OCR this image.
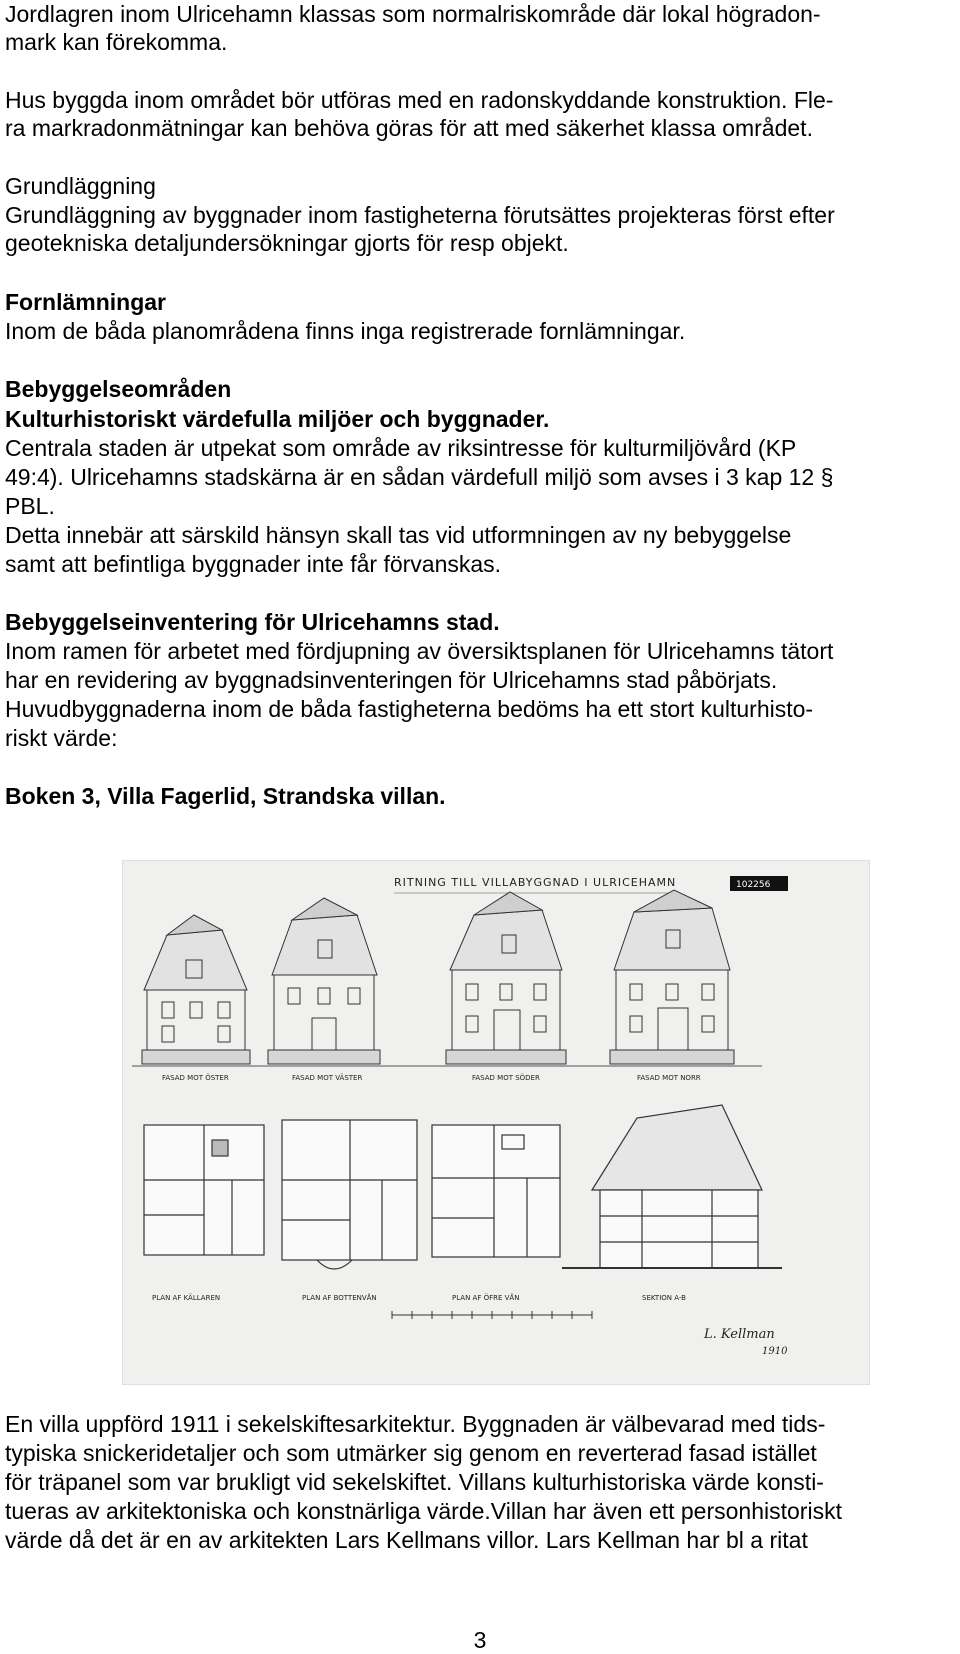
Jordlagren inom Ulricehamn klassas som normalriskområde där lokal högradon-
mark kan förekomma.
Hus byggda inom området bör utföras med en radonskyddande konstruktion. Fle-
ra markradonmätningar kan behöva göras för att med säkerhet klassa området.
Grundläggning
Grundläggning av byggnader inom fastigheterna förutsättes projekteras först efter
geotekniska detaljundersökningar gjorts för resp objekt.
Fornlämningar
Inom de båda planområdena finns inga registrerade fornlämningar.
Bebyggelseområden
Kulturhistoriskt värdefulla miljöer och byggnader.
Centrala staden är utpekat som område av riksintresse för kulturmiljövård (KP
49:4). Ulricehamns stadskärna är en sådan värdefull miljö som avses i 3 kap 12 §
PBL.
Detta innebär att särskild hänsyn skall tas vid utformningen av ny bebyggelse
samt att befintliga byggnader inte får förvanskas.
Bebyggelseinventering för Ulricehamns stad.
Inom ramen för arbetet med fördjupning av översiktsplanen för Ulricehamns tätort
har en revidering av byggnadsinventeringen för Ulricehamns stad påbörjats.
Huvudbyggnaderna inom de båda fastigheterna bedöms ha ett stort kulturhisto-
riskt värde:
Boken 3, Villa Fagerlid, Strandska villan.
RITNING TILL VILLABYGGNAD I ULRICEHAMN	102256
FASAD MOT ÖSTER	FASAD MOT VÄSTER	FASAD MOT SÖDER	FASAD MOT NORR
PLAN AF KÄLLAREN	PLAN AF BOTTENVÅN	PLAN AF ÖFRE VÅN	SEKTION A-B
L. Kellman
1910
En villa uppförd 1911 i sekelskiftesarkitektur. Byggnaden är välbevarad med tids-
typiska snickeridetaljer och som utmärker sig genom en reverterad fasad istället
för träpanel som var brukligt vid sekelskiftet. Villans kulturhistoriska värde konsti-
tueras av arkitektoniska och konstnärliga värde.Villan har även ett personhistoriskt
värde då det är en av arkitekten Lars Kellmans villor. Lars Kellman har bl a ritat
3
